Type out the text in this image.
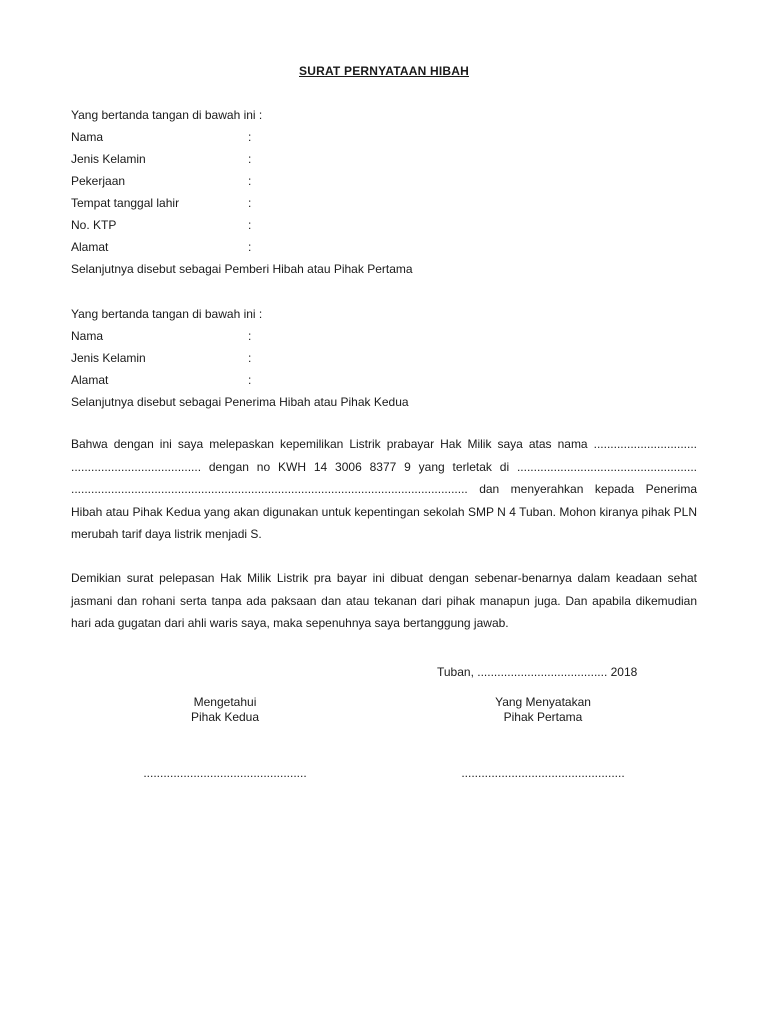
SURAT PERNYATAAN HIBAH
Yang bertanda tangan di bawah ini :
Nama	:
Jenis Kelamin	:
Pekerjaan	:
Tempat tanggal lahir	:
No. KTP	:
Alamat	:
Selanjutnya disebut sebagai Pemberi Hibah atau Pihak Pertama
Yang bertanda tangan di bawah ini :
Nama	:
Jenis Kelamin	:
Alamat	:
Selanjutnya disebut sebagai Penerima Hibah atau Pihak Kedua
Bahwa dengan ini saya melepaskan kepemilikan Listrik prabayar Hak Milik saya atas nama ............................... ....................................... dengan no KWH 14 3006 8377 9 yang terletak di ...................................................... ....................................................................................................................... dan menyerahkan kepada Penerima Hibah atau Pihak Kedua yang akan digunakan untuk kepentingan sekolah SMP N 4 Tuban. Mohon kiranya pihak PLN merubah tarif daya listrik menjadi S.
Demikian surat pelepasan Hak Milik Listrik pra bayar ini dibuat dengan sebenar-benarnya dalam keadaan sehat jasmani dan rohani serta tanpa ada paksaan dan atau tekanan dari pihak manapun juga. Dan apabila dikemudian hari ada gugatan dari ahli waris saya, maka sepenuhnya saya bertanggung jawab.
Tuban, ....................................... 2018
Mengetahui
Pihak Kedua
Yang Menyatakan
Pihak Pertama
.................................................	.................................................
